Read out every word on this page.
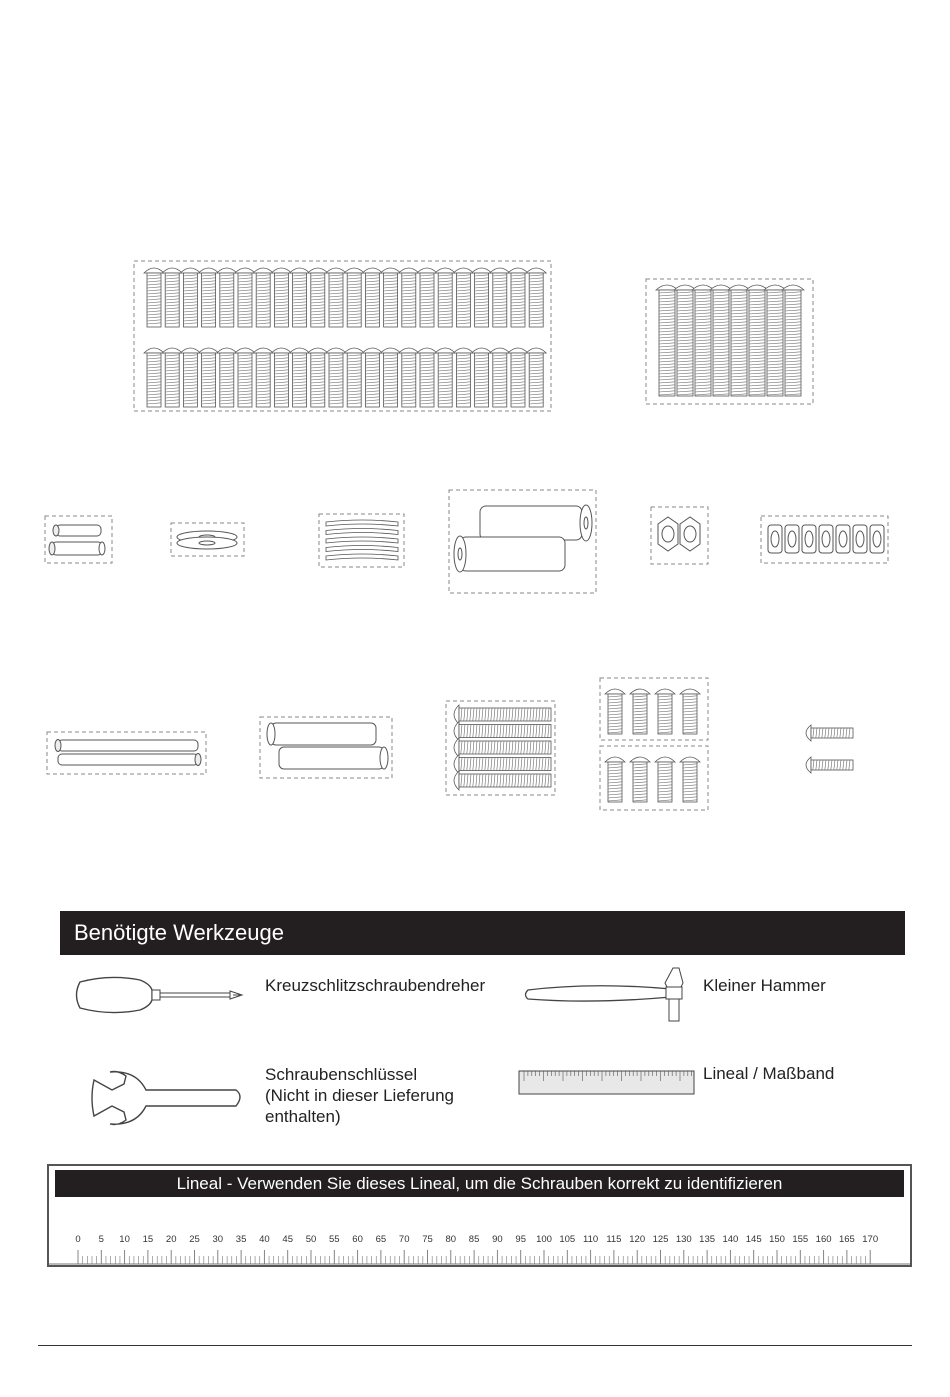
Benötigte Werkzeuge
Kreuzschlitzschraubendreher	Kleiner Hammer
Schraubenschlüssel
(Nicht in dieser Lieferung
enthalten)
Lineal / Maßband
Lineal - Verwenden Sie dieses Lineal, um die Schrauben korrekt zu identifizieren
0 5 10 15 20 25 30 35 40 45 50 55 60 65 70 75 80 85 90 95 100 105 110 115 120 125 130 135 140 145 150 155 160 165 170
